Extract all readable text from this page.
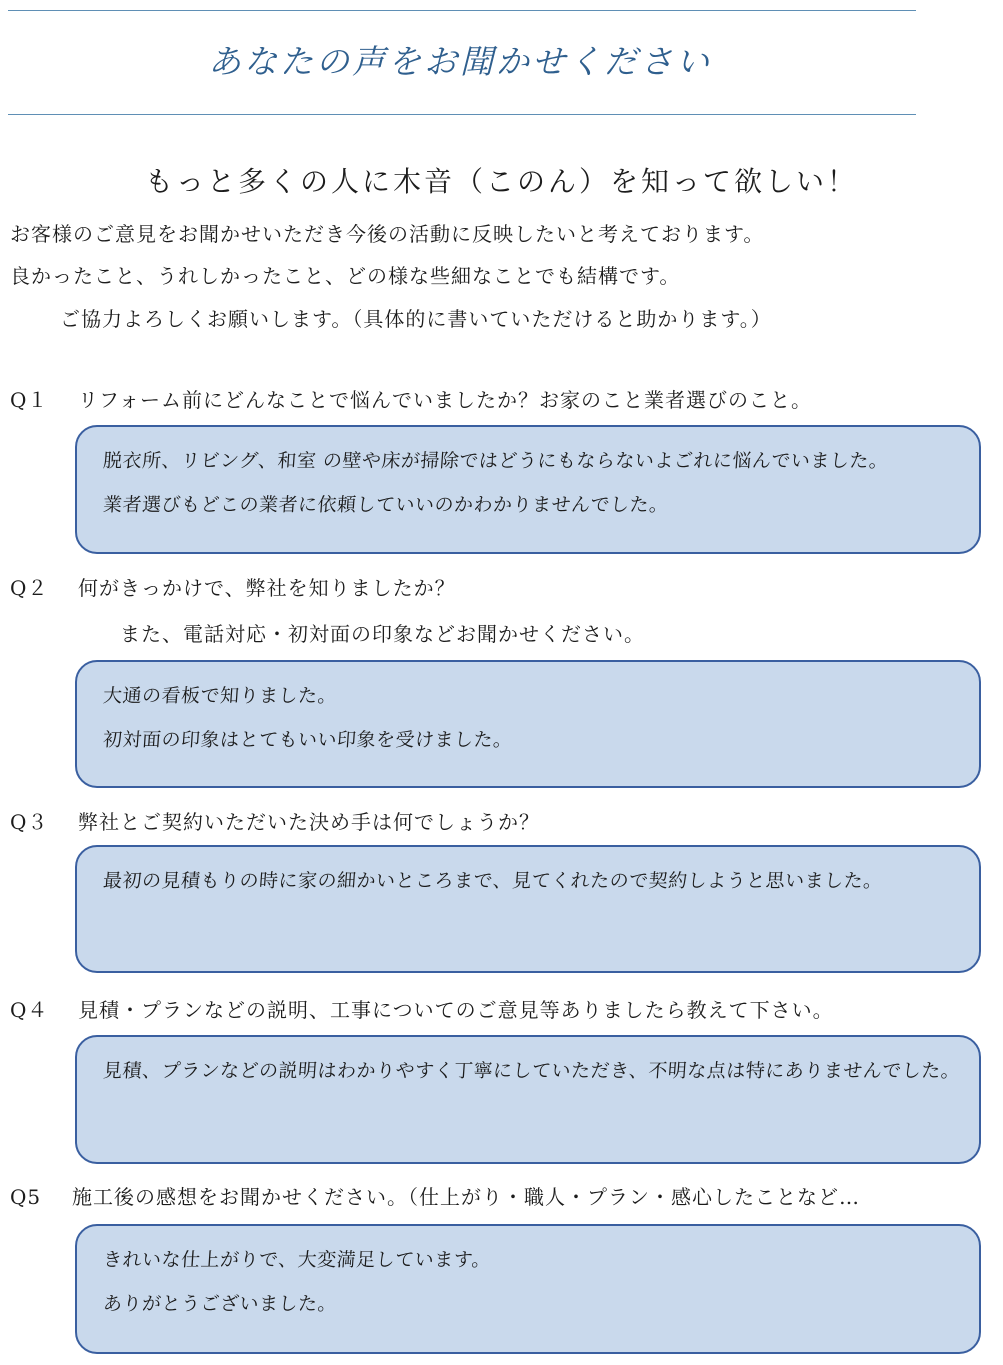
あなたの声をお聞かせください
もっと多くの人に木音（このん）を知って欲しい！
お客様のご意見をお聞かせいただき今後の活動に反映したいと考えております。
良かったこと、うれしかったこと、どの様な些細なことでも結構です。
ご協力よろしくお願いします。（具体的に書いていただけると助かります。）
Q１ リフォーム前にどんなことで悩んでいましたか？お家のこと業者選びのこと。
脱衣所、リビング、和室 の壁や床が掃除ではどうにもならないよごれに悩んでいました。
業者選びもどこの業者に依頼していいのかわかりませんでした。
Q２ 何がきっかけで、弊社を知りましたか？
また、電話対応・初対面の印象などお聞かせください。
大通の看板で知りました。
初対面の印象はとてもいい印象を受けました。
Q３ 弊社とご契約いただいた決め手は何でしょうか？
最初の見積もりの時に家の細かいところまで、見てくれたので契約しようと思いました。
Q４ 見積・プランなどの説明、工事についてのご意見等ありましたら教えて下さい。
見積、プランなどの説明はわかりやすく丁寧にしていただき、不明な点は特にありませんでした。
Q5 施工後の感想をお聞かせください。（仕上がり・職人・プラン・感心したことなど…
きれいな仕上がりで、大変満足しています。
ありがとうございました。
